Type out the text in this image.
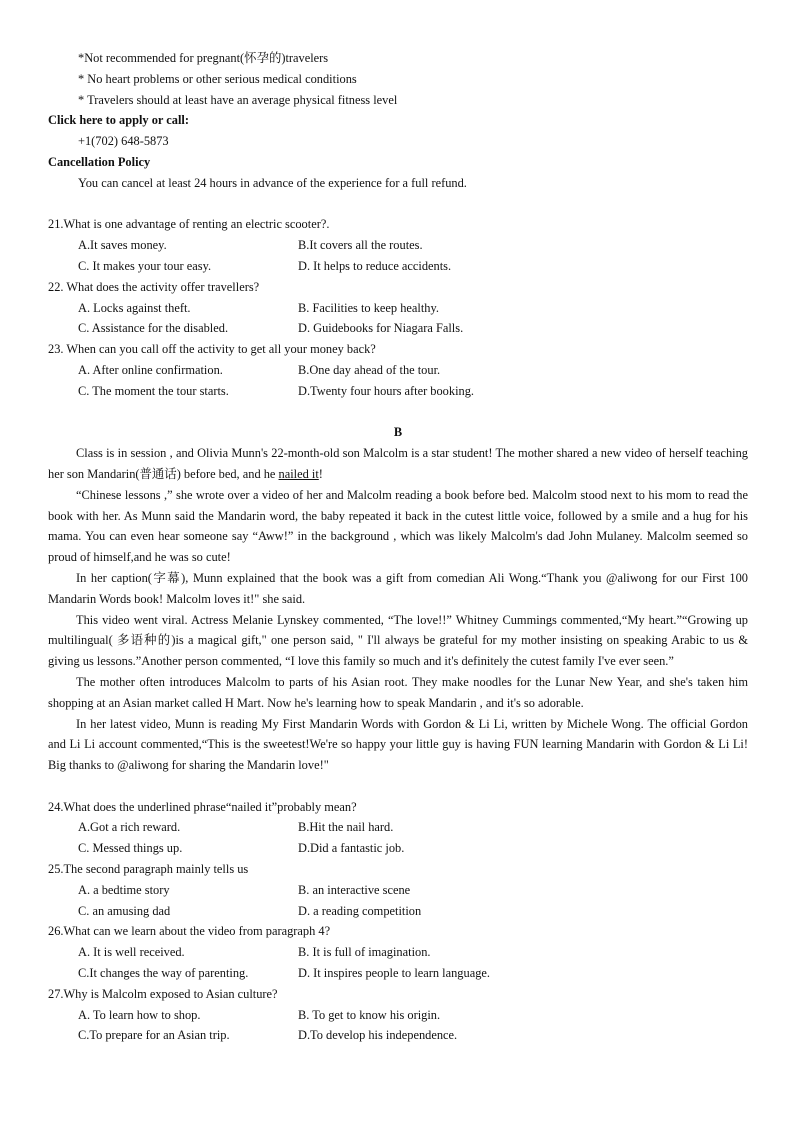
*Not recommended for pregnant(怀孕的)travelers
* No heart problems or other serious medical conditions
* Travelers should at least have an average physical fitness level
Click here to apply or call:
+1(702) 648-5873
Cancellation Policy
You can cancel at least 24 hours in advance of the experience for a full refund.
21.What is one advantage of renting an electric scooter?.
A.It saves money.	B.It covers all the routes.
C. It makes your tour easy.	D. It helps to reduce accidents.
22. What does the activity offer travellers?
A. Locks against theft.	B. Facilities to keep healthy.
C. Assistance for the disabled.	D. Guidebooks for Niagara Falls.
23. When can you call off the activity to get all your money back?
A. After online confirmation.	B.One day ahead of the tour.
C. The moment the tour starts.	D.Twenty four hours after booking.
B

Class is in session , and Olivia Munn's 22-month-old son Malcolm is a star student! The mother shared a new video of herself teaching her son Mandarin(普通话) before bed, and he nailed it!

“Chinese lessons ,” she wrote over a video of her and Malcolm reading a book before bed. Malcolm stood next to his mom to read the book with her. As Munn said the Mandarin word, the baby repeated it back in the cutest little voice, followed by a smile and a hug for his mama. You can even hear someone say “Aww!” in the background , which was likely Malcolm's dad John Mulaney. Malcolm seemed so proud of himself,and he was so cute!

In her caption(字幕), Munn explained that the book was a gift from comedian Ali Wong.“Thank you @aliwong for our First 100 Mandarin Words book! Malcolm loves it!" she said.

This video went viral. Actress Melanie Lynskey commented, “The love!!” Whitney Cummings commented,“My heart.”“Growing up multilingual( 多语种的)is a magical gift," one person said, " I'll always be grateful for my mother insisting on speaking Arabic to us & giving us lessons.”Another person commented, “I love this family so much and it's definitely the cutest family I've ever seen.”

The mother often introduces Malcolm to parts of his Asian root. They make noodles for the Lunar New Year, and she's taken him shopping at an Asian market called H Mart. Now he's learning how to speak Mandarin , and it's so adorable.

In her latest video, Munn is reading My First Mandarin Words with Gordon & Li Li, written by Michele Wong. The official Gordon and Li Li account commented,“This is the sweetest!We're so happy your little guy is having FUN learning Mandarin with Gordon & Li Li! Big thanks to @aliwong for sharing the Mandarin love!"

24.What does the underlined phrase“nailed it”probably mean?
A.Got a rich reward.	B.Hit the nail hard.
C. Messed things up.	D.Did a fantastic job.
25.The second paragraph mainly tells us
A. a bedtime story	B. an interactive scene
C. an amusing dad	D. a reading competition
26.What can we learn about the video from paragraph 4?
A. It is well received.	B. It is full of imagination.
C.It changes the way of parenting.	D. It inspires people to learn language.
27.Why is Malcolm exposed to Asian culture?
A. To learn how to shop.	B. To get to know his origin.
C.To prepare for an Asian trip.	D.To develop his independence.
